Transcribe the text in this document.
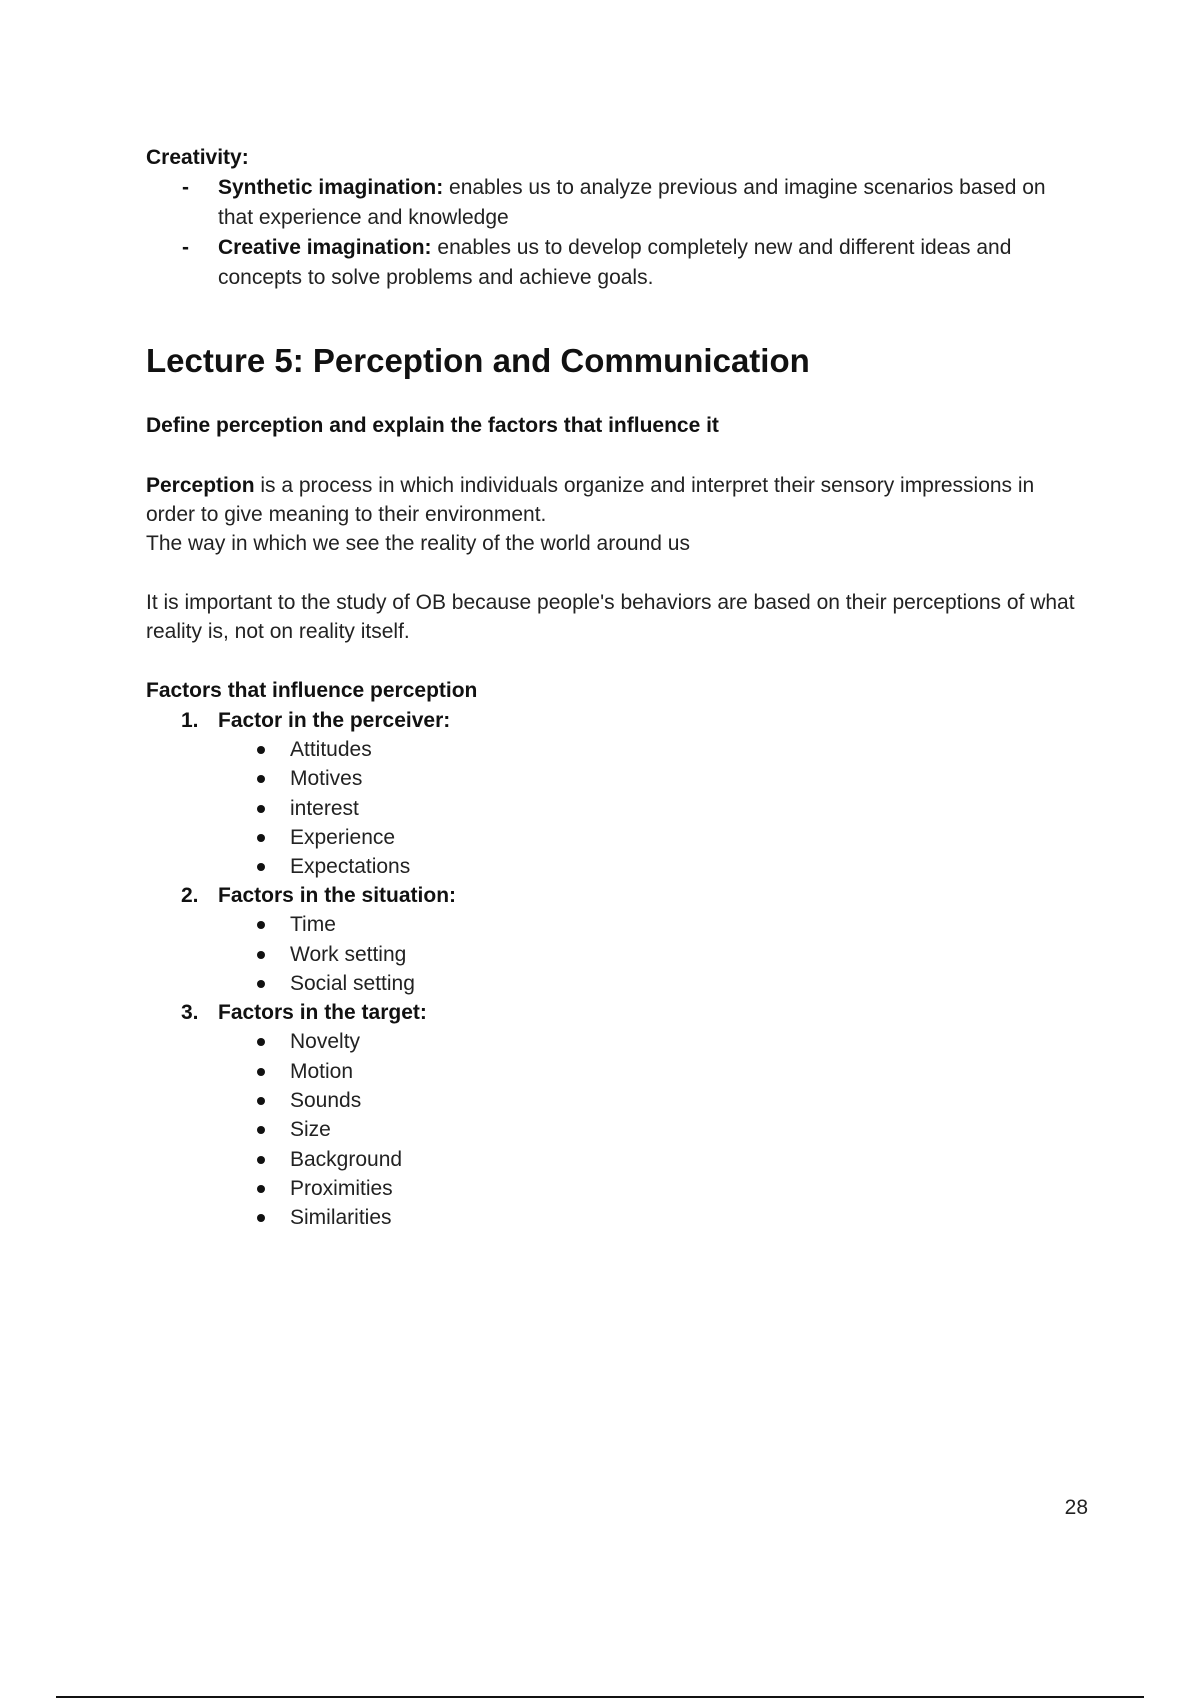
Creativity:

- Synthetic imagination: enables us to analyze previous and imagine scenarios based on that experience and knowledge
- Creative imagination: enables us to develop completely new and different ideas and concepts to solve problems and achieve goals.
Lecture 5: Perception and Communication
Define perception and explain the factors that influence it

Perception is a process in which individuals organize and interpret their sensory impressions in order to give meaning to their environment.

The way in which we see the reality of the world around us

It is important to the study of OB because people's behaviors are based on their perceptions of what reality is, not on reality itself.

Factors that influence perception

1. Factor in the perceiver:
Attitudes
Motives
interest
Experience
Expectations
2. Factors in the situation:
Time
Work setting
Social setting
3. Factors in the target:
Novelty
Motion
Sounds
Size
Background
Proximities
Similarities
28
